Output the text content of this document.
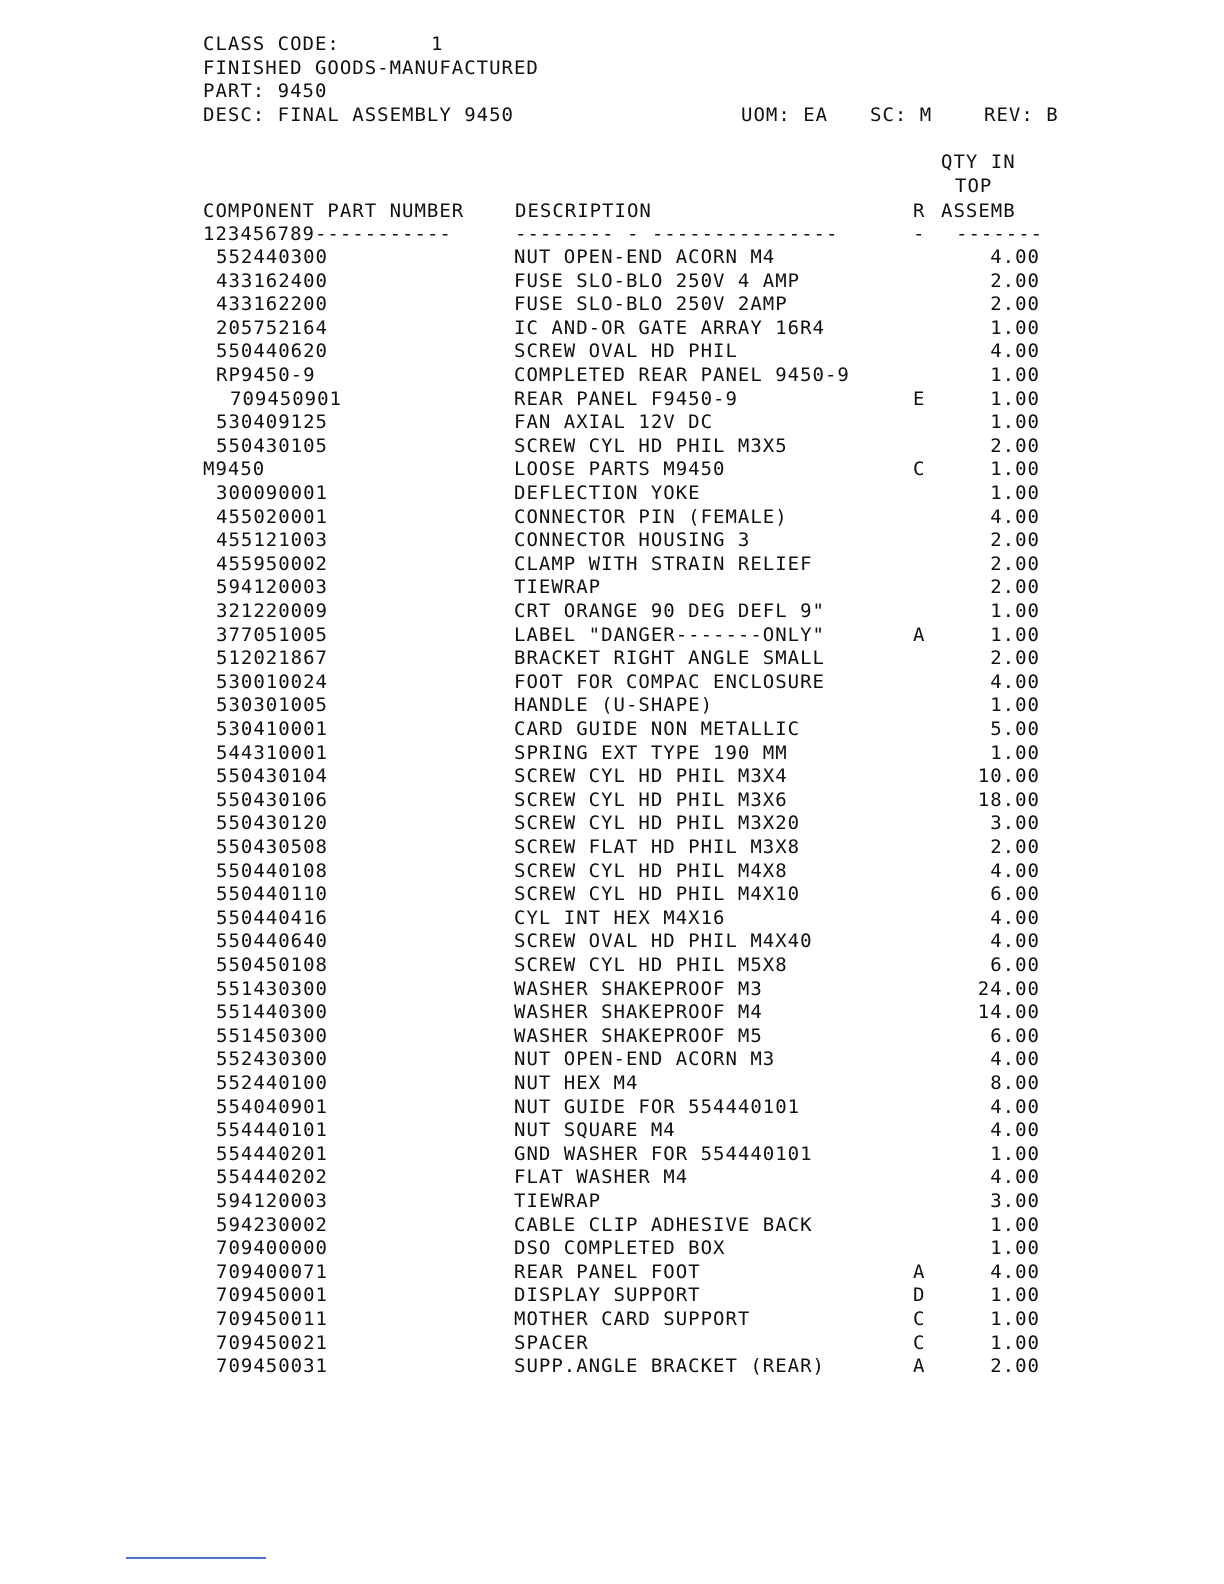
CLASS CODE:	1
FINISHED GOODS-MANUFACTURED
PART: 9450
DESC: FINAL ASSEMBLY 9450	UOM: EA SC: M	REV: B
QTY IN
TOP
COMPONENT PART NUMBER	DESCRIPTION	R ASSEMB
123456789-----------	-------- - ---------------	- -------
552440300	NUT OPEN-END ACORN M4	4.00
433162400	FUSE SLO-BLO 250V 4 AMP	2.00
433162200	FUSE SLO-BLO 250V 2AMP	2.00
205752164	IC AND-OR GATE ARRAY 16R4	1.00
550440620	SCREW OVAL HD PHIL	4.00
RP9450-9	COMPLETED REAR PANEL 9450-9	1.00
709450901	REAR PANEL F9450-9	E	1.00
530409125	FAN AXIAL 12V DC	1.00
550430105	SCREW CYL HD PHIL M3X5	2.00
M9450	LOOSE PARTS M9450	C	1.00
300090001	DEFLECTION YOKE	1.00
455020001	CONNECTOR PIN (FEMALE)	4.00
455121003	CONNECTOR HOUSING 3	2.00
455950002	CLAMP WITH STRAIN RELIEF	2.00
594120003	TIEWRAP	2.00
321220009	CRT ORANGE 90 DEG DEFL 9"	1.00
377051005	LABEL "DANGER-------ONLY"	A	1.00
512021867	BRACKET RIGHT ANGLE SMALL	2.00
530010024	FOOT FOR COMPAC ENCLOSURE	4.00
530301005	HANDLE (U-SHAPE)	1.00
530410001	CARD GUIDE NON METALLIC	5.00
544310001	SPRING EXT TYPE 190 MM	1.00
550430104	SCREW CYL HD PHIL M3X4	10.00
550430106	SCREW CYL HD PHIL M3X6	18.00
550430120	SCREW CYL HD PHIL M3X20	3.00
550430508	SCREW FLAT HD PHIL M3X8	2.00
550440108	SCREW CYL HD PHIL M4X8	4.00
550440110	SCREW CYL HD PHIL M4X10	6.00
550440416	CYL INT HEX M4X16	4.00
550440640	SCREW OVAL HD PHIL M4X40	4.00
550450108	SCREW CYL HD PHIL M5X8	6.00
551430300	WASHER SHAKEPROOF M3	24.00
551440300	WASHER SHAKEPROOF M4	14.00
551450300	WASHER SHAKEPROOF M5	6.00
552430300	NUT OPEN-END ACORN M3	4.00
552440100	NUT HEX M4	8.00
554040901	NUT GUIDE FOR 554440101	4.00
554440101	NUT SQUARE M4	4.00
554440201	GND WASHER FOR 554440101	1.00
554440202	FLAT WASHER M4	4.00
594120003	TIEWRAP	3.00
594230002	CABLE CLIP ADHESIVE BACK	1.00
709400000	DSO COMPLETED BOX	1.00
709400071	REAR PANEL FOOT	A	4.00
709450001	DISPLAY SUPPORT	D	1.00
709450011	MOTHER CARD SUPPORT	C	1.00
709450021	SPACER	C	1.00
709450031	SUPP.ANGLE BRACKET (REAR)	A	2.00
